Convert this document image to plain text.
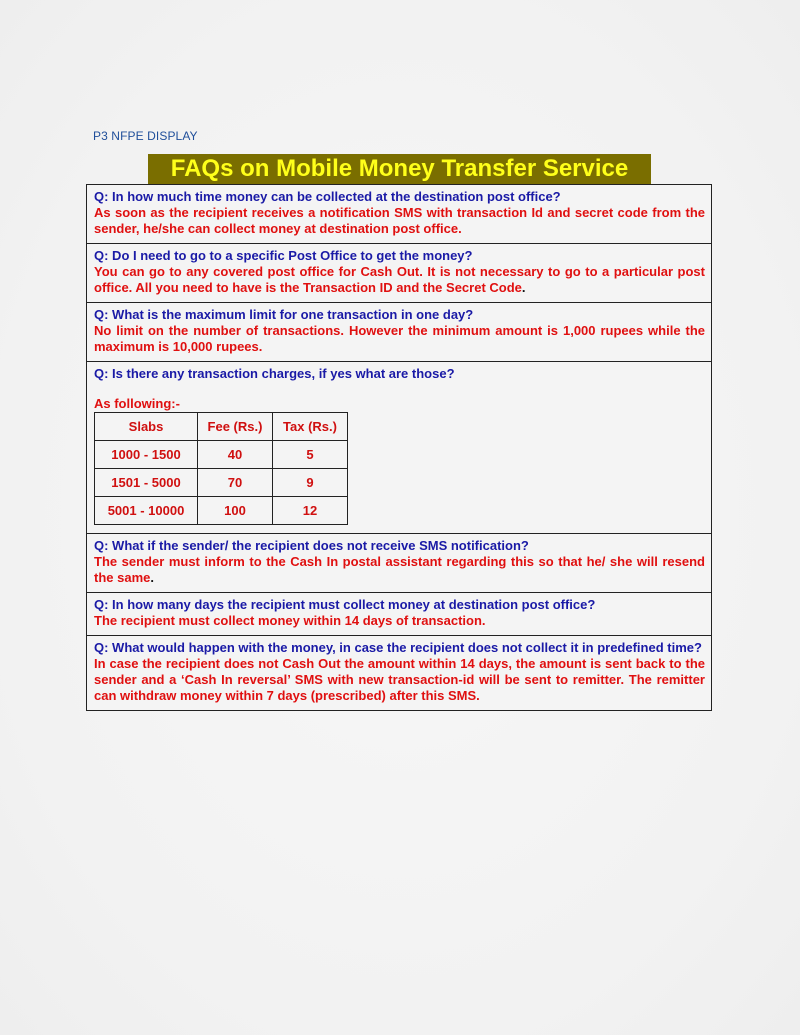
P3 NFPE DISPLAY
FAQs on Mobile Money Transfer Service
Q: In how much time money can be collected at the destination post office?
As soon as the recipient receives a notification SMS with transaction Id and secret code from the sender, he/she can collect money at destination post office.
Q: Do I need to go to a specific Post Office to get the money?
You can go to any covered post office for Cash Out. It is not necessary to go to a particular post office. All you need to have is the Transaction ID and the Secret Code.
Q: What is the maximum limit for one transaction in one day?
No limit on the number of transactions. However the minimum amount is 1,000 rupees while the maximum is 10,000 rupees.
Q: Is there any transaction charges, if yes what are those?
As following:-
Slabs	Fee (Rs.)	Tax (Rs.)
1000 - 1500	40	5
1501 - 5000	70	9
5001 - 10000	100	12
Q: What if the sender/ the recipient does not receive SMS notification?
The sender must inform to the Cash In postal assistant regarding this so that he/ she will resend the same.
Q: In how many days the recipient must collect money at destination post office?
The recipient must collect money within 14 days of transaction.
Q: What would happen with the money, in case the recipient does not collect it in predefined time?
In case the recipient does not Cash Out the amount within 14 days, the amount is sent back to the sender and a ‘Cash In reversal’ SMS with new transaction-id will be sent to remitter. The remitter can withdraw money within 7 days (prescribed) after this SMS.
